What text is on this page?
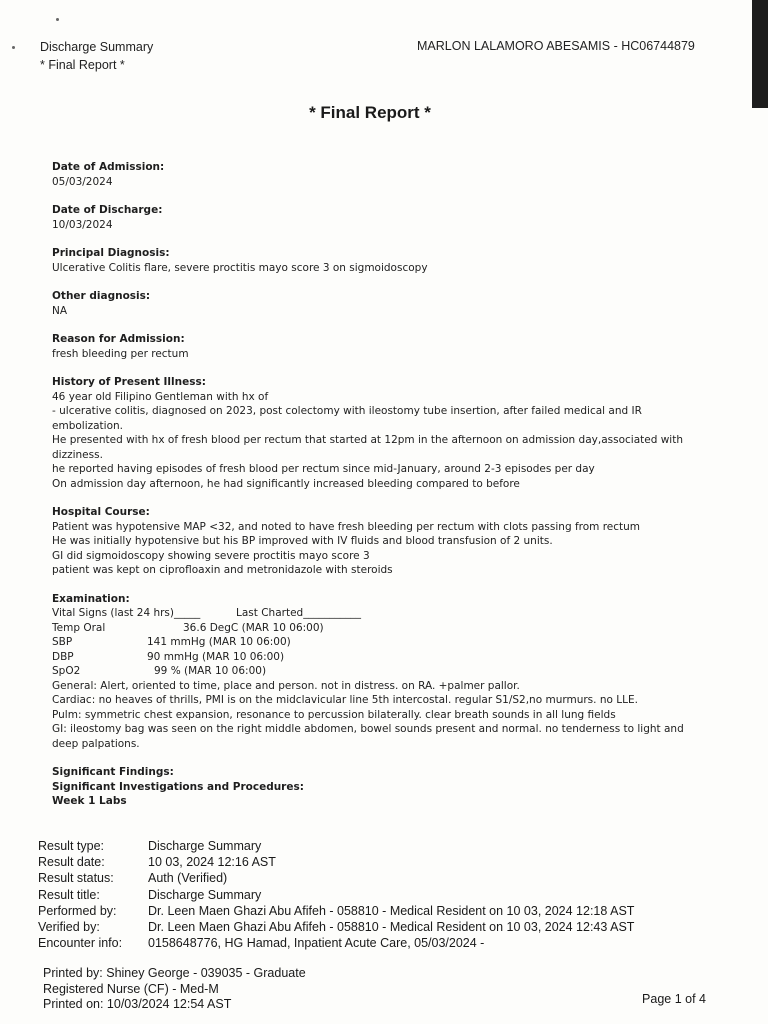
Discharge Summary
* Final Report *
MARLON LALAMORO ABESAMIS - HC06744879
* Final Report *
Date of Admission:
05/03/2024
Date of Discharge:
10/03/2024
Principal Diagnosis:
Ulcerative Colitis flare, severe proctitis mayo score 3 on sigmoidoscopy
Other diagnosis:
NA
Reason for Admission:
fresh bleeding per rectum
History of Present Illness:
46 year old Filipino Gentleman with hx of
- ulcerative colitis, diagnosed on 2023, post colectomy with ileostomy tube insertion, after failed medical and IR embolization.
He presented with hx of fresh blood per rectum that started at 12pm in the afternoon on admission day,associated with dizziness.
he reported having episodes of fresh blood per rectum since mid-January, around 2-3 episodes per day
On admission day afternoon, he had significantly increased bleeding compared to before
Hospital Course:
Patient was hypotensive MAP <32, and noted to have fresh bleeding per rectum with clots passing from rectum
He was initially hypotensive but his BP improved with IV fluids and blood transfusion of 2 units.
GI did sigmoidoscopy showing severe proctitis mayo score 3
patient was kept on ciprofloaxin and metronidazole with steroids
Examination:
Vital Signs (last 24 hrs)_____	Last Charted___________
Temp Oral	36.6 DegC (MAR 10 06:00)
SBP	141 mmHg (MAR 10 06:00)
DBP	90 mmHg (MAR 10 06:00)
SpO2	99 % (MAR 10 06:00)
General: Alert, oriented to time, place and person. not in distress. on RA. +palmer pallor.
Cardiac: no heaves of thrills, PMI is on the midclavicular line 5th intercostal. regular S1/S2,no murmurs. no LLE.
Pulm: symmetric chest expansion, resonance to percussion bilaterally. clear breath sounds in all lung fields
GI: ileostomy bag was seen on the right middle abdomen, bowel sounds present and normal. no tenderness to light and deep palpations.
Significant Findings:
Significant Investigations and Procedures:
Week 1 Labs
Result type:	Discharge Summary
Result date:	10 03, 2024 12:16 AST
Result status:	Auth (Verified)
Result title:	Discharge Summary
Performed by:	Dr. Leen Maen Ghazi Abu Afifeh - 058810 - Medical Resident on 10 03, 2024 12:18 AST
Verified by:	Dr. Leen Maen Ghazi Abu Afifeh - 058810 - Medical Resident on 10 03, 2024 12:43 AST
Encounter info: 0158648776, HG Hamad, Inpatient Acute Care, 05/03/2024 -
Printed by: Shiney George - 039035 - Graduate
Registered Nurse (CF) - Med-M
Printed on: 10/03/2024 12:54 AST	Page 1 of 4
